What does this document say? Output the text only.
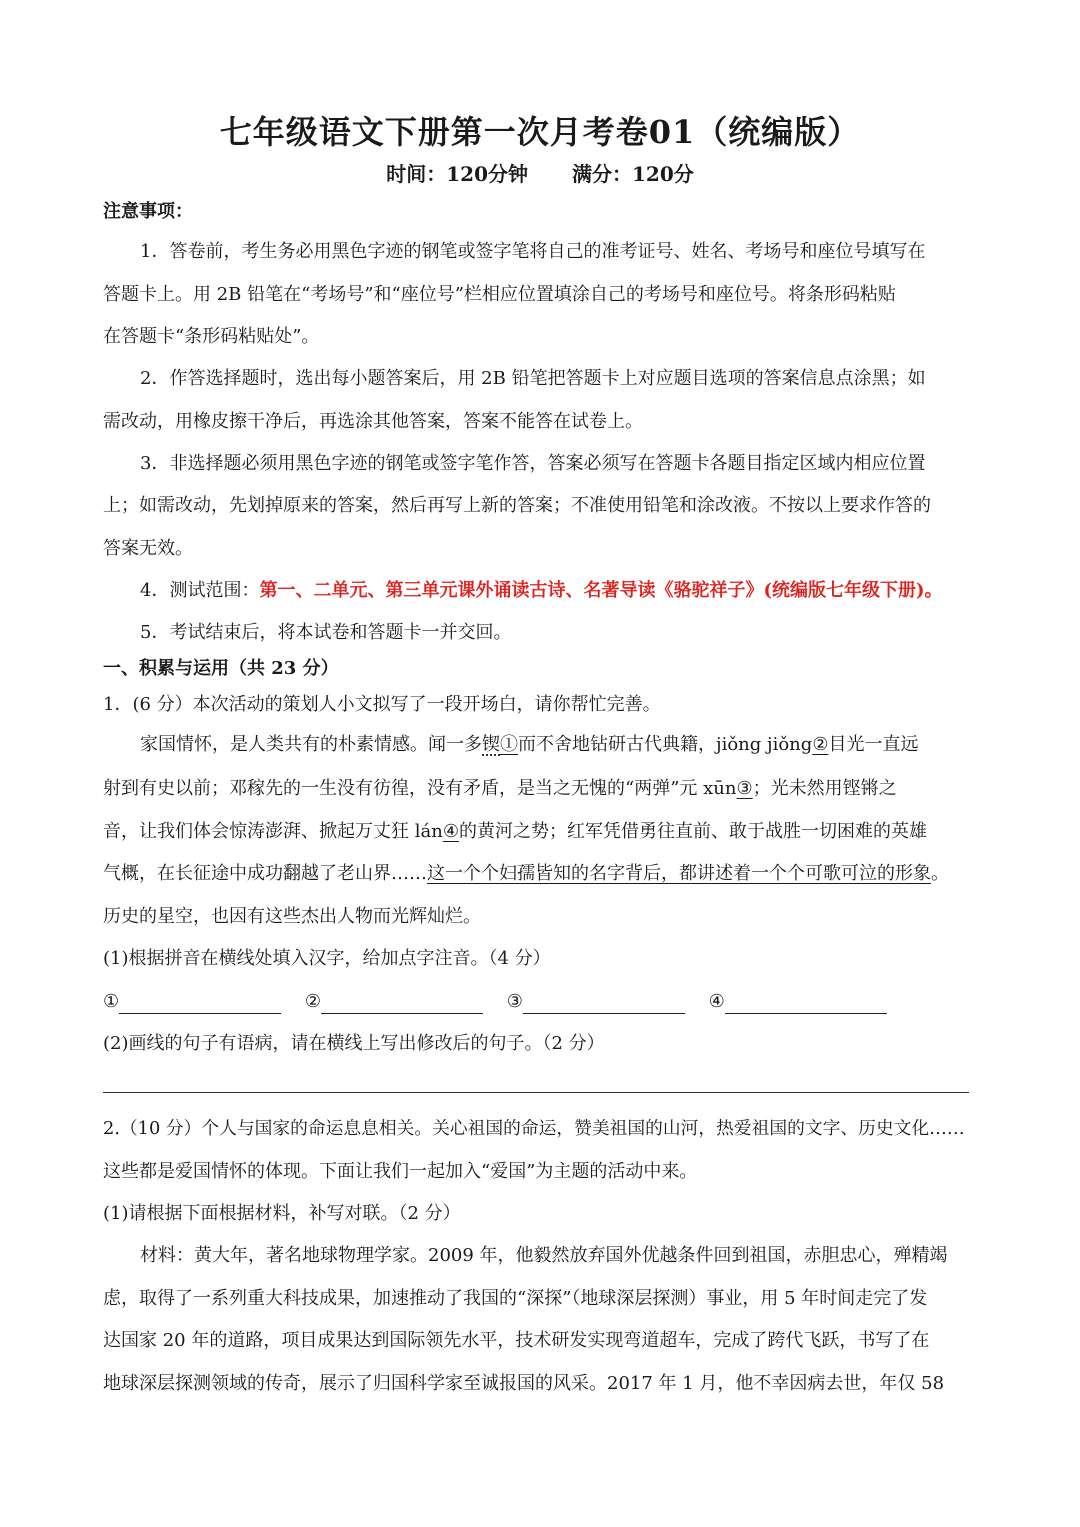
七年级语文下册第一次月考卷01（统编版）
时间：120分钟 满分：120分
注意事项：
1．答卷前，考生务必用黑色字迹的钢笔或签字笔将自己的准考证号、姓名、考场号和座位号填写在
答题卡上。用 2B 铅笔在“考场号”和“座位号”栏相应位置填涂自己的考场号和座位号。将条形码粘贴
在答题卡“条形码粘贴处”。
2．作答选择题时，选出每小题答案后，用 2B 铅笔把答题卡上对应题目选项的答案信息点涂黑；如
需改动，用橡皮擦干净后，再选涂其他答案，答案不能答在试卷上。
3．非选择题必须用黑色字迹的钢笔或签字笔作答，答案必须写在答题卡各题目指定区域内相应位置
上；如需改动，先划掉原来的答案，然后再写上新的答案；不准使用铅笔和涂改液。不按以上要求作答的
答案无效。
4．测试范围：第一、二单元、第三单元课外诵读古诗、名著导读《骆驼祥子》(统编版七年级下册)。
5．考试结束后，将本试卷和答题卡一并交回。
一、积累与运用（共 23 分）
1．(6 分）本次活动的策划人小文拟写了一段开场白，请你帮忙完善。
家国情怀，是人类共有的朴素情感。闻一多锲①而不舍地钻研古代典籍，jiǒng jiǒng②目光一直远
射到有史以前；邓稼先的一生没有彷徨，没有矛盾，是当之无愧的“两弹”元 xūn③；光未然用铿锵之
音，让我们体会惊涛澎湃、掀起万丈狂 lán④的黄河之势；红军凭借勇往直前、敢于战胜一切困难的英雄
气概，在长征途中成功翻越了老山界……这一个个妇孺皆知的名字背后，都讲述着一个个可歌可泣的形象。
历史的星空，也因有这些杰出人物而光辉灿烂。
(1)根据拼音在横线处填入汉字，给加点字注音。（4 分）
①	②	③	④
(2)画线的句子有语病，请在横线上写出修改后的句子。（2 分）
2.（10 分）个人与国家的命运息息相关。关心祖国的命运，赞美祖国的山河，热爱祖国的文字、历史文化……
这些都是爱国情怀的体现。下面让我们一起加入“爱国”为主题的活动中来。
(1)请根据下面根据材料，补写对联。（2 分）
材料：黄大年，著名地球物理学家。2009 年，他毅然放弃国外优越条件回到祖国，赤胆忠心，殚精竭
虑，取得了一系列重大科技成果，加速推动了我国的“深探”（地球深层探测）事业，用 5 年时间走完了发
达国家 20 年的道路，项目成果达到国际领先水平，技术研发实现弯道超车，完成了跨代飞跃，书写了在
地球深层探测领域的传奇，展示了归国科学家至诚报国的风采。2017 年 1 月，他不幸因病去世，年仅 58
